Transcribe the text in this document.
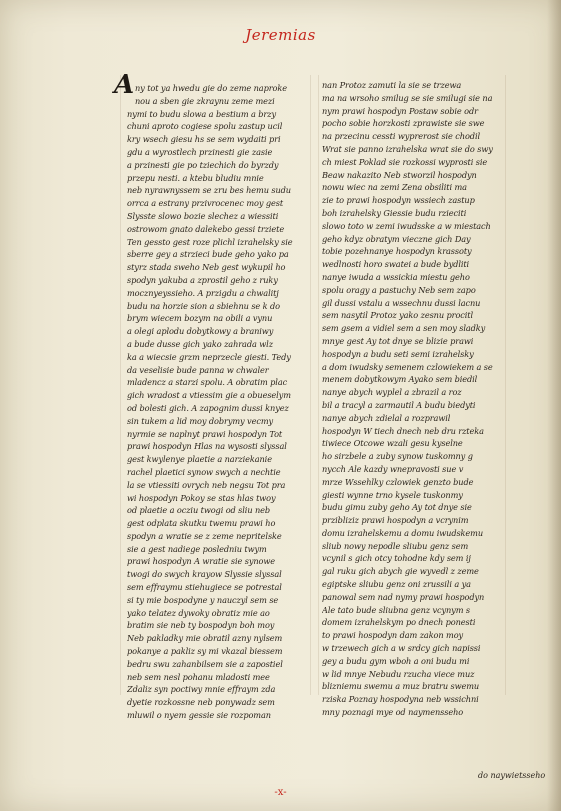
Jeremias
A ny tot ya hwedu gie do zeme naproke
nou a sben gie zkraynu zeme mezi
nymi to budu slowa a bestium a brzy
chuni aproto cogiese spolu zastup ucil
kry wsech giesu hs se sem wydaiti pri
gdu a wyrostlech przinesti gie zasie
a przinesti gie po tziechich do byrzdy
przepu nesti. a ktebu bludiu mnie
neb nyrawnyssem se zru bes hemu sudu
orrca a estrany przivrocenec moy gest
Slysste slowo bozie slechez a wiessiti
ostrowom gnato dalekebo gessi trziete
Ten gessto gest roze plichl izrahelsky sie
sberre gey a strzieci bude geho yako pa
styrz stada sweho Neb gest wykupil ho
spodyn yakuba a zprostil geho z ruky
mocznyeyssieho. A przigdu a chwalitj
budu na horzie sion a sbiehnu se k do
brym wiecem bozym na obili a vynu
a olegi aplodu dobytkowy a braniwy
a bude dusse gich yako zahrada wlz
ka a wiecsie grzm neprzecle giesti. Tedy
da veselisie bude panna w chwaler
mladencz a starzi spolu. A obratim plac
gich wradost a vtiessim gie a obueselym
od bolesti gich. A zapognim dussi knyez
sin tukem a lid moy dobrymy vecmy
nyrmie se naplnyt prawi hospodyn Tot
prawi hospodyn Hlas na wysosti slyssal
gest kwylenye plaetie a narziekanie
rachel plaetici synow swych a nechtie
la se vtiessiti ovrych neb negsu Tot pra
wi hospodyn Pokoy se stas hlas twoy
od plaetie a ocziu twogi od sliu neb
gest odplata skutku twemu prawi ho
spodyn a wratie se z zeme nepritelske
sie a gest nadiege posledniu twym
prawi hospodyn A wratie sie synowe
twogi do swych krayow Slyssie slyssal
sem effraymu stiehugiece se potrestal
si ty mie bospodyne y nauczyl sem se
yako telatez dywoky obratiz mie ao
bratim sie neb ty bospodyn boh moy
Neb pakladky mie obratil azny nylsem
pokanye a pakliz sy mi vkazal biessem
bedru swu zahanbilsem sie a zapostiel
neb sem nesl pohanu mladosti mee
Zdaliz syn poctiwy mnie effraym zda
dyetie rozkossne neb ponywadz sem
mluwil o nyem gessie sie rozpoman
nan Protoz zamuti la sie se trzewa
ma na wrsoho smilug se sie smilugi sie na
nym prawi hospodyn Postaw sobie odr
pocho sobie horzkosti zprawiste sie swe
na przecinu cessti wyprerost sie chodil
Wrat sie panno izrahelska wrat sie do swy
ch miest Poklad sie rozkossi wyprosti sie
Beaw nakazito Neb stworzil hospodyn
nowu wiec na zemi Zena obsiliti ma
zie to prawi hospodyn wssiech zastup
boh izrahelsky Giessie budu rzieciti
slowo toto w zemi iwudsske a w miestach
geho kdyz obratym vieczne gich Day
tobie pozehnanye hospodyn krassoty
wedlnosti horo swatei a bude bydliti
nanye iwuda a wssickia miestu geho
spolu oragy a pastuchy Neb sem zapo
gil dussi vstalu a wssechnu dussi lacnu
sem nasytil Protoz yako zesnu procitl
sem gsem a vidiel sem a sen moy sladky
mnye gest Ay tot dnye se blizie prawi
hospodyn a budu seti semi izrahelsky
a dom iwudsky semenem czlowiekem a se
menem dobytkowym Ayako sem biedil
nanye abych wyplel a zbrazil a roz
bil a tracyl a zarmautil A budu biedyti
nanye abych zdielal a rozprawil
hospodyn W tiech dnech neb dru rzteka
tiwiece Otcowe wzali gesu kyselne
ho sirzbele a zuby synow tuskomny g
nycch Ale kazdy wnepravosti sue v
mrze Wssehlky czlowiek genzto bude
giesti wynne trno kysele tuskonmy
budu gimu zuby geho Ay tot dnye sie
przibliziz prawi hospodyn a vcrynim
domu izrahelskemu a domu iwudskemu
sliub nowy nepodle sliubu genz sem
vcynil s gich otcy tohodne kdy sem ij
gal ruku gich abych gie wyvedl z zeme
egiptske sliubu genz oni zrussili a ya
panowal sem nad nymy prawi hospodyn
Ale tato bude sliubna genz vcynym s
domem izrahelskym po dnech ponesti
to prawi hospodyn dam zakon moy
w trzewech gich a w srdcy gich napissi
gey a budu gym wboh a oni budu mi
w lid mnye Nebudu rzucha viece muz
blizniemu swemu a muz bratru swemu
rziska Poznay hospodyna neb wssichni
mny poznagi mye od naymensseho
do naywietsseho
-x-
